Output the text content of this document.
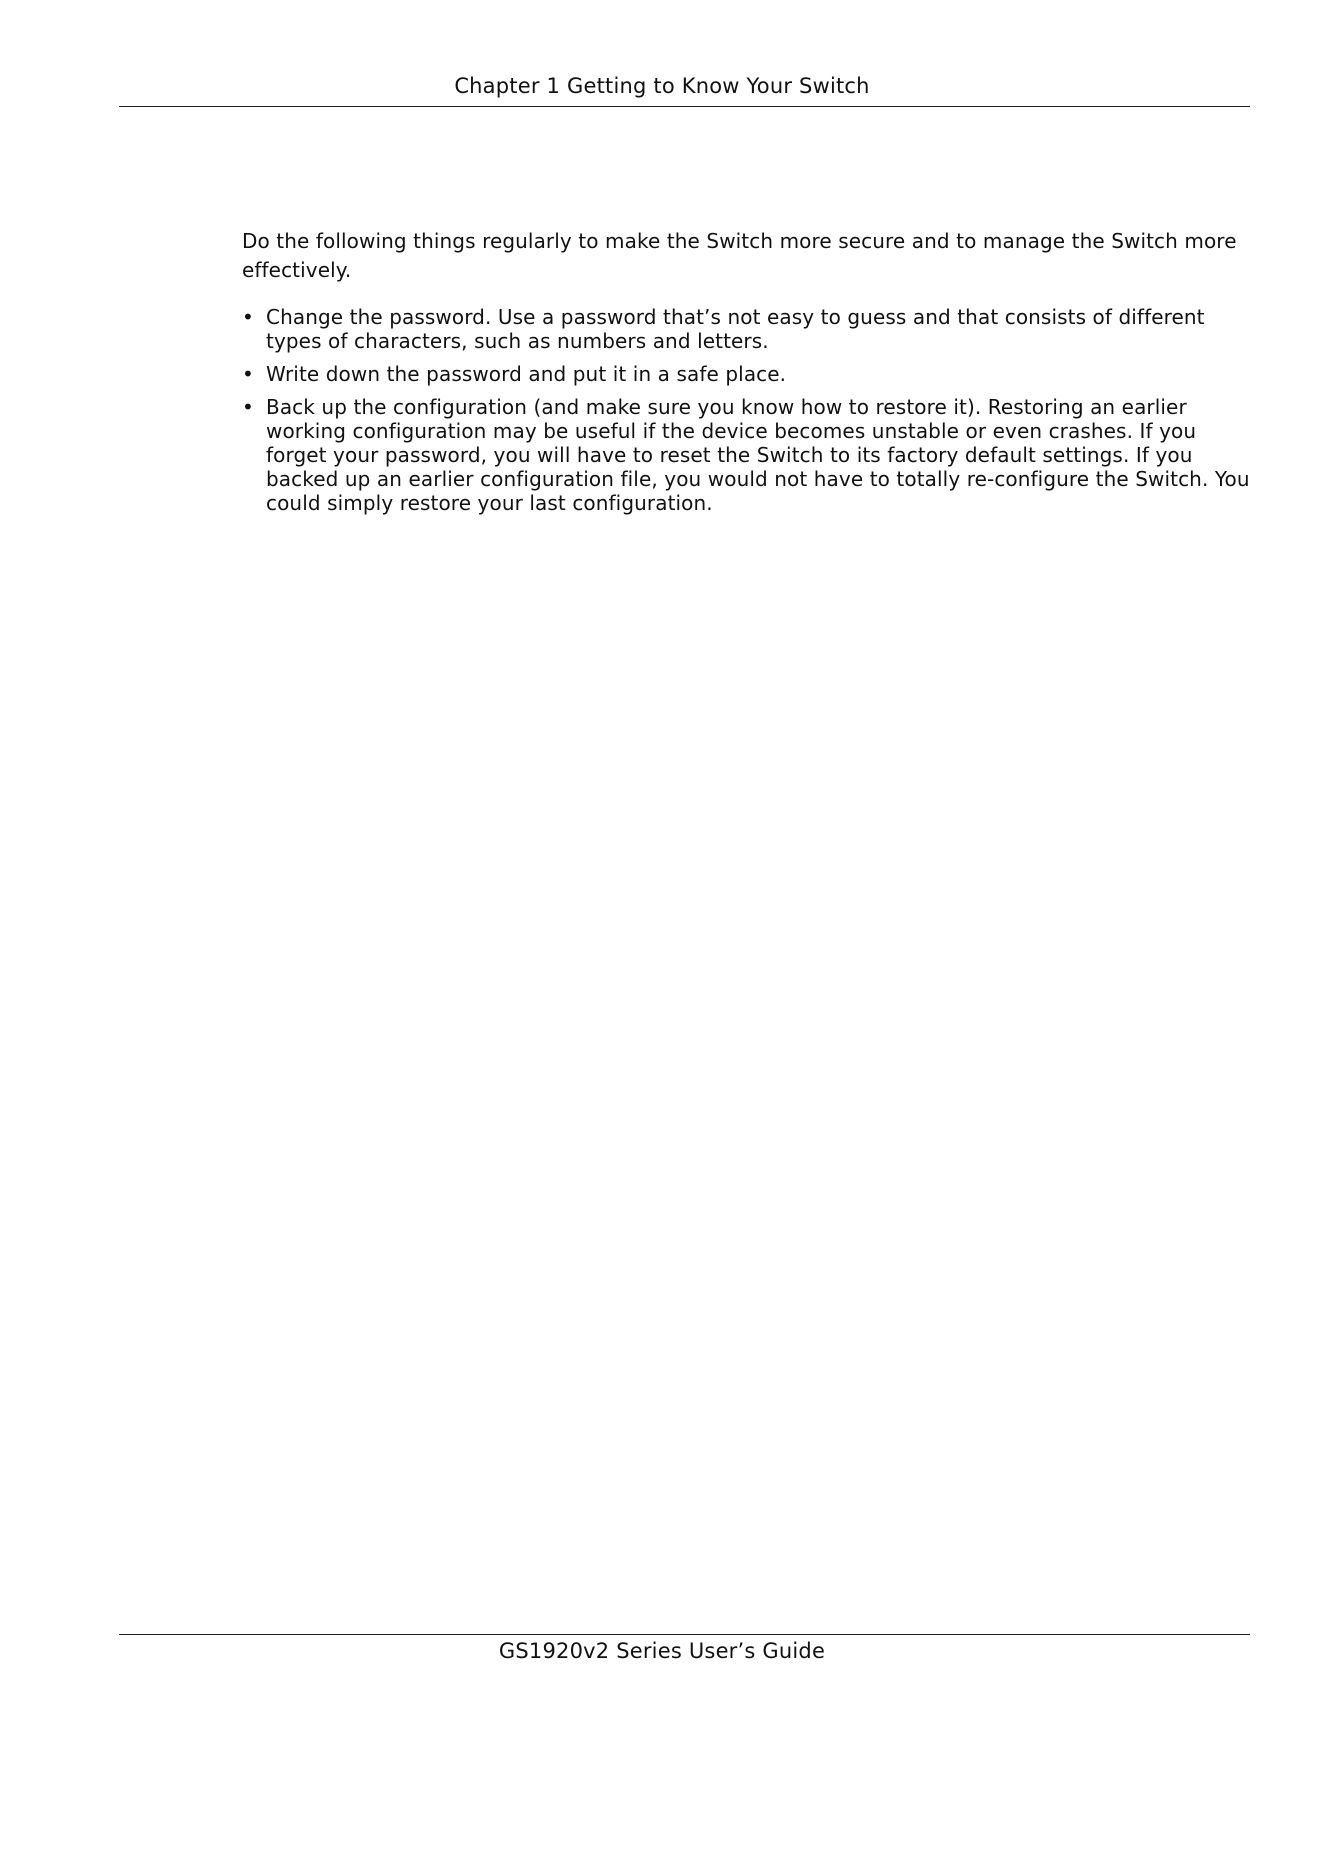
Chapter 1 Getting to Know Your Switch

Do the following things regularly to make the Switch more secure and to manage the Switch more effectively.

• Change the password. Use a password that’s not easy to guess and that consists of different types of characters, such as numbers and letters.
• Write down the password and put it in a safe place.
• Back up the configuration (and make sure you know how to restore it). Restoring an earlier working configuration may be useful if the device becomes unstable or even crashes. If you forget your password, you will have to reset the Switch to its factory default settings. If you backed up an earlier configuration file, you would not have to totally re-configure the Switch. You could simply restore your last configuration.
GS1920v2 Series User’s Guide
